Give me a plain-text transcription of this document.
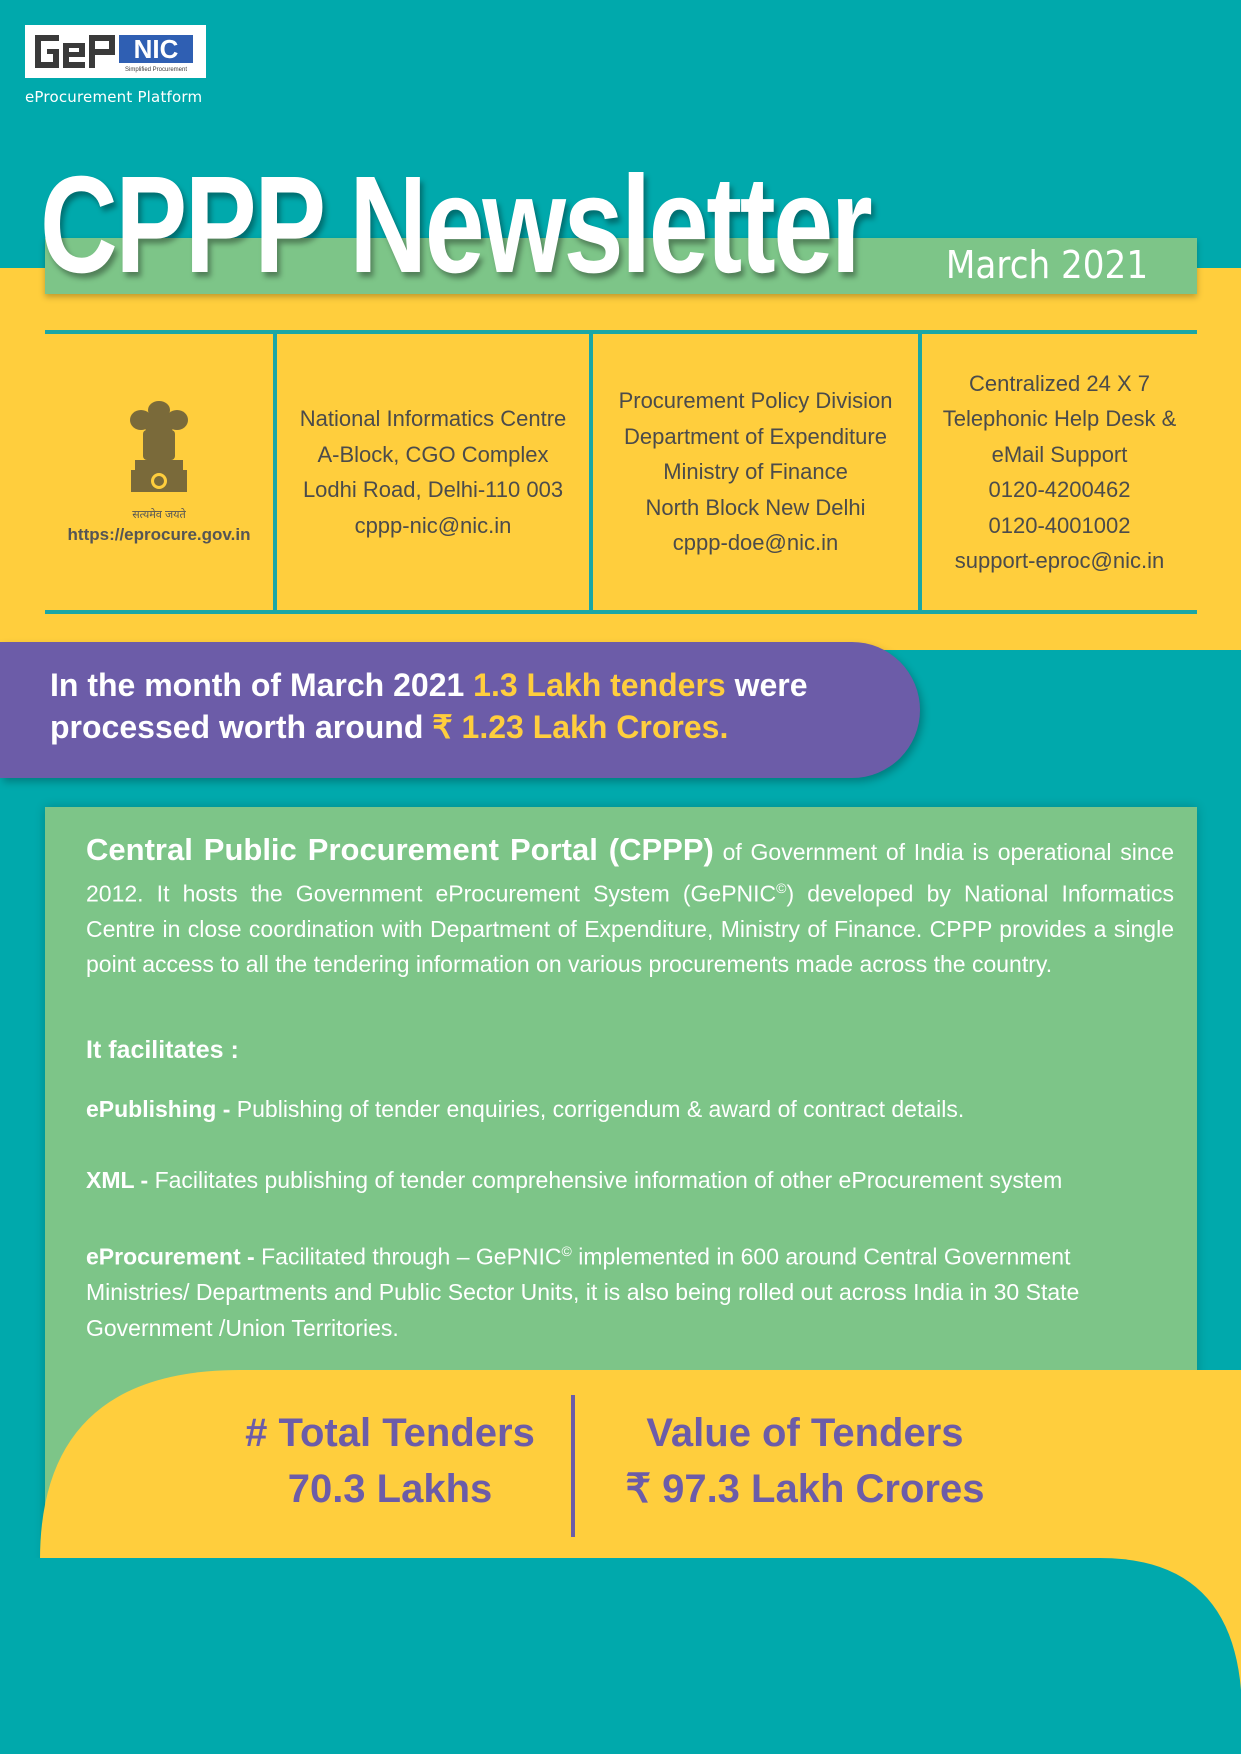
NIC
Simplified Procurement
eProcurement Platform
CPPP Newsletter	March 2021
सत्यमेव जयते
https://eprocure.gov.in
National Informatics Centre
A-Block, CGO Complex
Lodhi Road, Delhi-110 003
cppp-nic@nic.in
Procurement Policy Division
Department of Expenditure
Ministry of Finance
North Block New Delhi
cppp-doe@nic.in
Centralized 24 X 7
Telephonic Help Desk &
eMail Support
0120-4200462
0120-4001002
support-eproc@nic.in
In the month of March 2021 1.3 Lakh tenders were processed worth around ₹ 1.23 Lakh Crores.
Central Public Procurement Portal (CPPP) of Government of India is operational since 2012. It hosts the Government eProcurement System (GePNIC©) developed by National Informatics Centre in close coordination with Department of Expenditure, Ministry of Finance. CPPP provides a single point access to all the tendering information on various procurements made across the country.
It facilitates :
ePublishing - Publishing of tender enquiries, corrigendum & award of contract details.
XML - Facilitates publishing of tender comprehensive information of other eProcurement system
eProcurement - Facilitated through – GePNIC© implemented in 600 around Central Government Ministries/ Departments and Public Sector Units, it is also being rolled out across India in 30 State Government /Union Territories.
# Total Tenders
70.3 Lakhs
Value of Tenders
₹ 97.3 Lakh Crores
